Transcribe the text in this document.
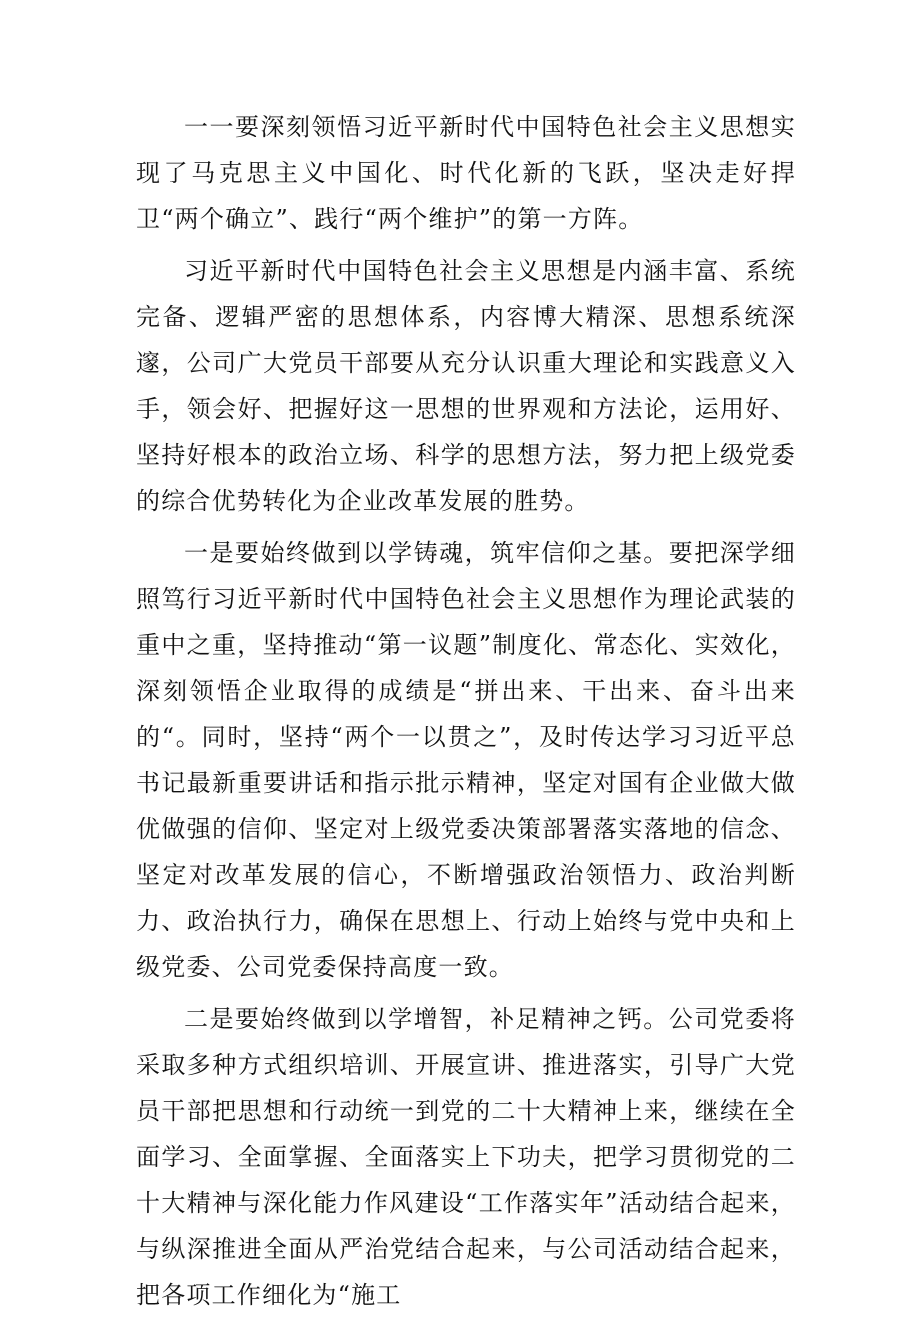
一一要深刻领悟习近平新时代中国特色社会主义思想实现了马克思主义中国化、时代化新的飞跃，坚决走好捍卫“两个确立”、践行“两个维护”的第一方阵。

习近平新时代中国特色社会主义思想是内涵丰富、系统完备、逻辑严密的思想体系，内容博大精深、思想系统深邃，公司广大党员干部要从充分认识重大理论和实践意义入手，领会好、把握好这一思想的世界观和方法论，运用好、坚持好根本的政治立场、科学的思想方法，努力把上级党委的综合优势转化为企业改革发展的胜势。

一是要始终做到以学铸魂，筑牢信仰之基。要把深学细照笃行习近平新时代中国特色社会主义思想作为理论武装的重中之重，坚持推动“第一议题”制度化、常态化、实效化，深刻领悟企业取得的成绩是“拼出来、干出来、奋斗出来的“。同时，坚持“两个一以贯之”，及时传达学习习近平总书记最新重要讲话和指示批示精神，坚定对国有企业做大做优做强的信仰、坚定对上级党委决策部署落实落地的信念、坚定对改革发展的信心，不断增强政治领悟力、政治判断力、政治执行力，确保在思想上、行动上始终与党中央和上级党委、公司党委保持高度一致。

二是要始终做到以学增智，补足精神之钙。公司党委将采取多种方式组织培训、开展宣讲、推进落实，引导广大党员干部把思想和行动统一到党的二十大精神上来，继续在全面学习、全面掌握、全面落实上下功夫，把学习贯彻党的二十大精神与深化能力作风建设“工作落实年”活动结合起来，与纵深推进全面从严治党结合起来，与公司活动结合起来，把各项工作细化为“施工
